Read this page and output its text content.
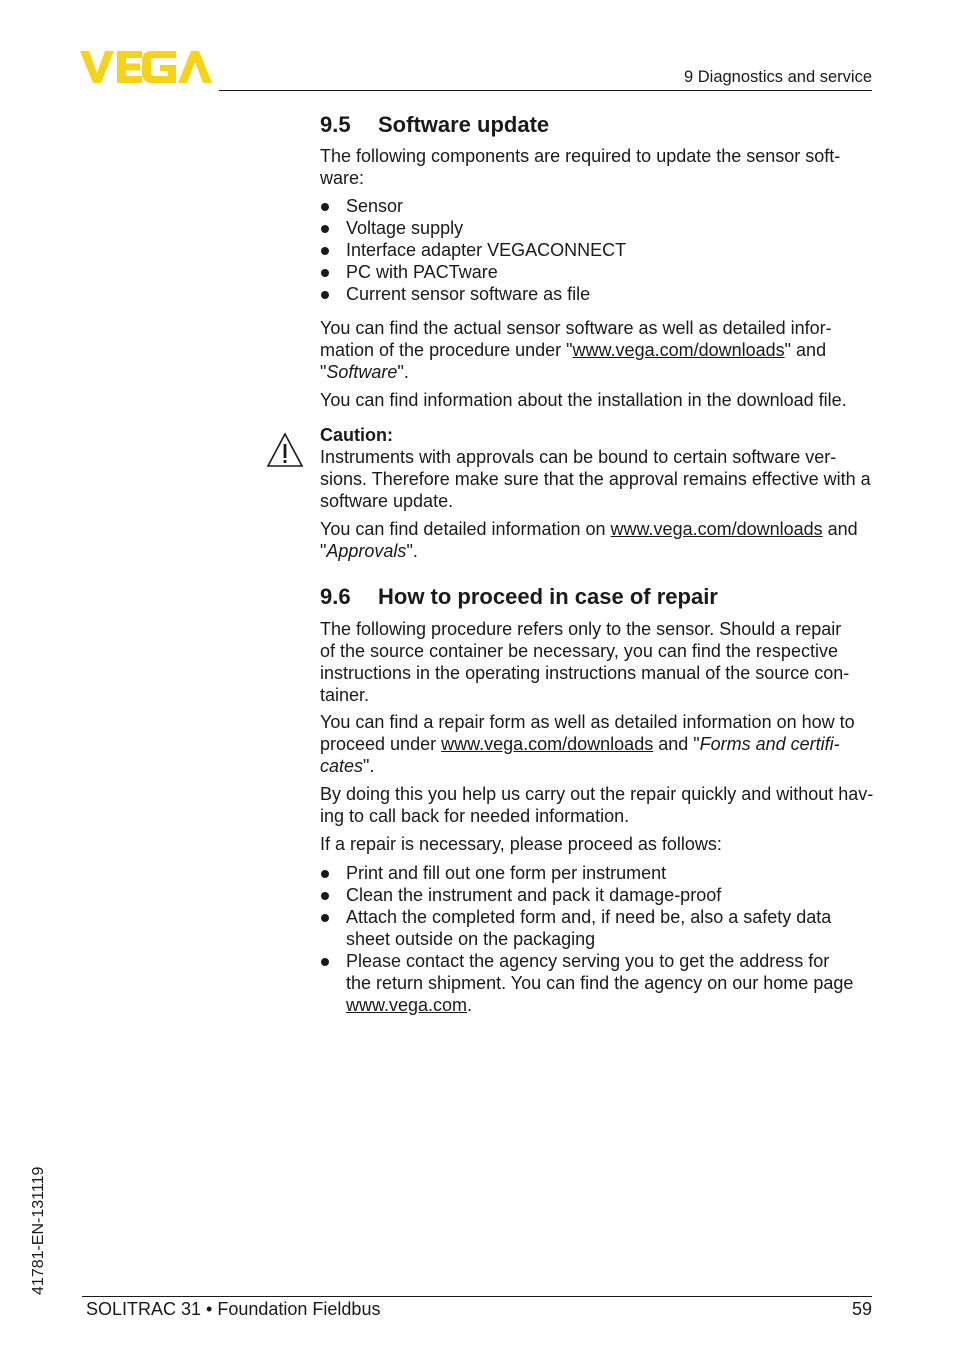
9 Diagnostics and service
9.5 Software update

The following components are required to update the sensor soft-
ware:

Sensor
Voltage supply
Interface adapter VEGACONNECT
PC with PACTware
Current sensor software as file

You can find the actual sensor software as well as detailed infor-
mation of the procedure under "www.vega.com/downloads" and
"Software".

You can find information about the installation in the download file.

Caution:
Instruments with approvals can be bound to certain software ver-
sions. Therefore make sure that the approval remains effective with a
software update.

You can find detailed information on www.vega.com/downloads and
"Approvals".

9.6 How to proceed in case of repair

The following procedure refers only to the sensor. Should a repair
of the source container be necessary, you can find the respective
instructions in the operating instructions manual of the source con-
tainer.

You can find a repair form as well as detailed information on how to
proceed under www.vega.com/downloads and "Forms and certifi-
cates".

By doing this you help us carry out the repair quickly and without hav-
ing to call back for needed information.

If a repair is necessary, please proceed as follows:

Print and fill out one form per instrument
Clean the instrument and pack it damage-proof
Attach the completed form and, if need be, also a safety data
sheet outside on the packaging
Please contact the agency serving you to get the address for
the return shipment. You can find the agency on our home page
www.vega.com.
41781-EN-131119
SOLITRAC 31 • Foundation Fieldbus	59
